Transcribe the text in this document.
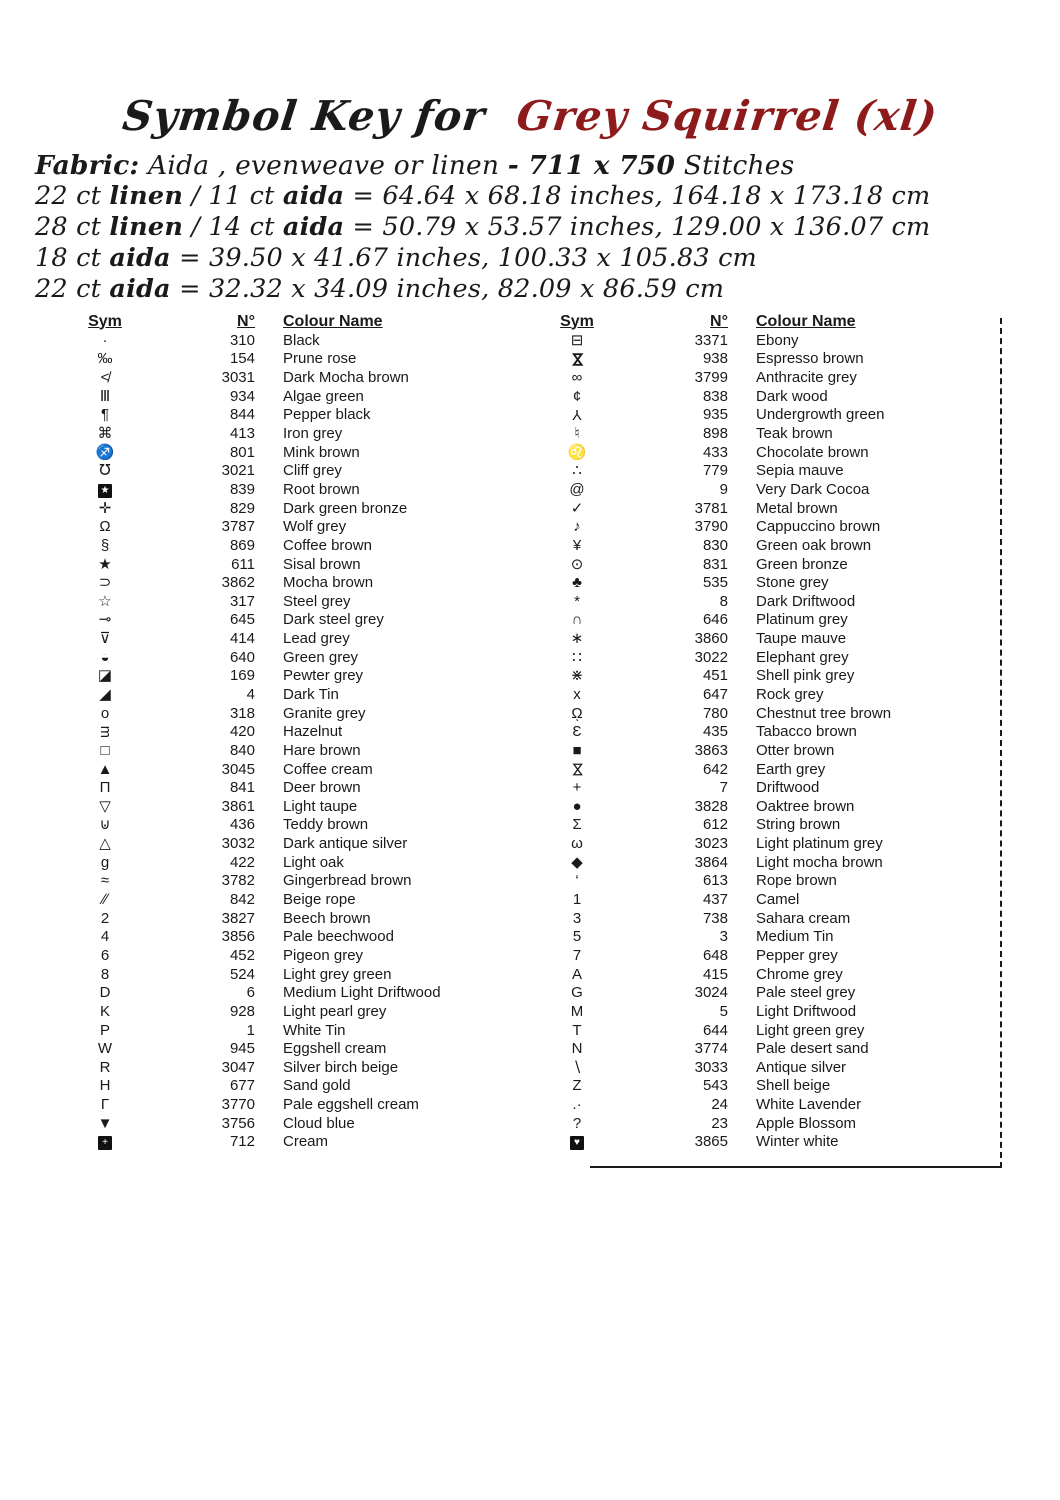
Symbol Key for Grey Squirrel (xl)
Fabric: Aida , evenweave or linen - 711 x 750 Stitches
22 ct linen / 11 ct aida = 64.64 x 68.18 inches, 164.18 x 173.18 cm
28 ct linen / 14 ct aida = 50.79 x 53.57 inches, 129.00 x 136.07 cm
18 ct aida = 39.50 x 41.67 inches, 100.33 x 105.83 cm
22 ct aida = 32.32 x 34.09 inches, 82.09 x 86.59 cm
Sym	N°	Colour Name
·	310	Black
‰	154	Prune rose
≮	3031	Dark Mocha brown
Ⅲ	934	Algae green
¶	844	Pepper black
⌘	413	Iron grey
♐	801	Mink brown
℧	3021	Cliff grey
★	839	Root brown
✛	829	Dark green bronze
Ω	3787	Wolf grey
§	869	Coffee brown
★	611	Sisal brown
⊃	3862	Mocha brown
☆	317	Steel grey
⊸	645	Dark steel grey
⊽	414	Lead grey
◒	640	Green grey
◪	169	Pewter grey
◢	4	Dark Tin
o	318	Granite grey
ᴟ	420	Hazelnut
□	840	Hare brown
▲	3045	Coffee cream
Π	841	Deer brown
▽	3861	Light taupe
⊍	436	Teddy brown
△	3032	Dark antique silver
g	422	Light oak
≈	3782	Gingerbread brown
∕∕	842	Beige rope
2	3827	Beech brown
4	3856	Pale beechwood
6	452	Pigeon grey
8	524	Light grey green
D	6	Medium Light Driftwood
K	928	Light pearl grey
P	1	White Tin
W	945	Eggshell cream
R	3047	Silver birch beige
H	677	Sand gold
Γ	3770	Pale eggshell cream
▼	3756	Cloud blue
+	712	Cream
Sym	N°	Colour Name
⊟	3371	Ebony
⋈	938	Espresso brown
∞	3799	Anthracite grey
¢	838	Dark wood
Y	935	Undergrowth green
♮	898	Teak brown
♌	433	Chocolate brown
∴	779	Sepia mauve
@	9	Very Dark Cocoa
✓	3781	Metal brown
♪	3790	Cappuccino brown
¥	830	Green oak brown
⊙	831	Green bronze
♣	535	Stone grey
*	8	Dark Driftwood
∩	646	Platinum grey
∗	3860	Taupe mauve
∷	3022	Elephant grey
⋇	451	Shell pink grey
x	647	Rock grey
ῼ	780	Chestnut tree brown
Ɛ	435	Tabacco brown
■	3863	Otter brown
⋈	642	Earth grey
+	7	Driftwood
●	3828	Oaktree brown
Σ	612	String brown
ω	3023	Light platinum grey
◆	3864	Light mocha brown
‘	613	Rope brown
1	437	Camel
3	738	Sahara cream
5	3	Medium Tin
7	648	Pepper grey
A	415	Chrome grey
G	3024	Pale steel grey
M	5	Light Driftwood
T	644	Light green grey
N	3774	Pale desert sand
∖	3033	Antique silver
Z	543	Shell beige
.·	24	White Lavender
?	23	Apple Blossom
♥	3865	Winter white
